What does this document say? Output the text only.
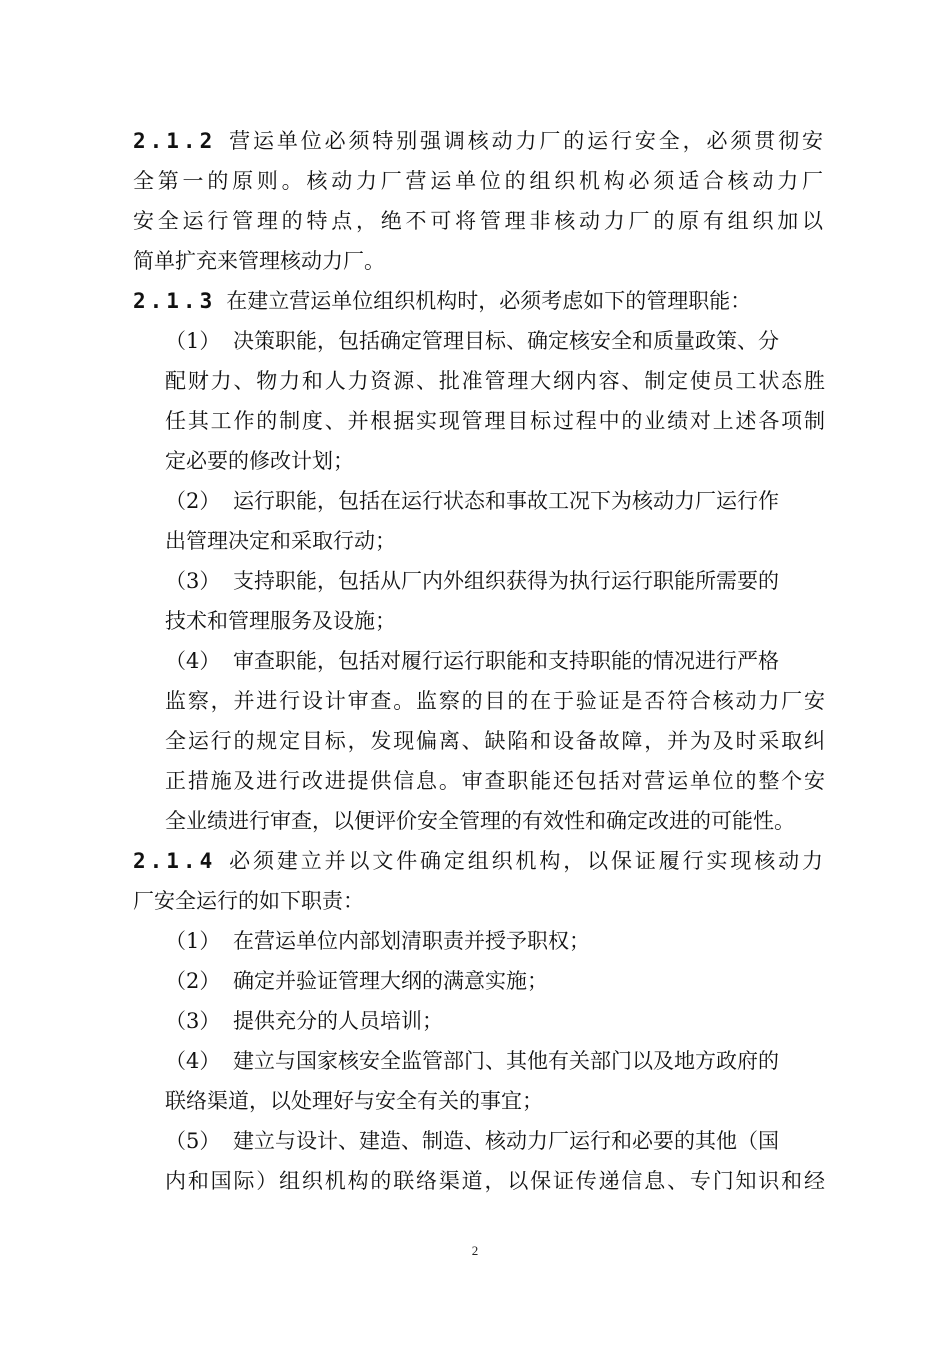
2.1.2 营运单位必须特别强调核动力厂的运行安全，必须贯彻安
全第一的原则。核动力厂营运单位的组织机构必须适合核动力厂
安全运行管理的特点，绝不可将管理非核动力厂的原有组织加以
简单扩充来管理核动力厂。
2.1.3 在建立营运单位组织机构时，必须考虑如下的管理职能：
（1） 决策职能，包括确定管理目标、确定核安全和质量政策、分
配财力、物力和人力资源、批准管理大纲内容、制定使员工状态胜
任其工作的制度、并根据实现管理目标过程中的业绩对上述各项制
定必要的修改计划；
（2） 运行职能，包括在运行状态和事故工况下为核动力厂运行作
出管理决定和采取行动；
（3） 支持职能，包括从厂内外组织获得为执行运行职能所需要的
技术和管理服务及设施；
（4） 审查职能，包括对履行运行职能和支持职能的情况进行严格
监察，并进行设计审查。监察的目的在于验证是否符合核动力厂安
全运行的规定目标，发现偏离、缺陷和设备故障，并为及时采取纠
正措施及进行改进提供信息。审查职能还包括对营运单位的整个安
全业绩进行审查，以便评价安全管理的有效性和确定改进的可能性。
2.1.4 必须建立并以文件确定组织机构，以保证履行实现核动力
厂安全运行的如下职责：
（1） 在营运单位内部划清职责并授予职权；
（2） 确定并验证管理大纲的满意实施；
（3） 提供充分的人员培训；
（4） 建立与国家核安全监管部门、其他有关部门以及地方政府的
联络渠道，以处理好与安全有关的事宜；
（5） 建立与设计、建造、制造、核动力厂运行和必要的其他（国
内和国际）组织机构的联络渠道，以保证传递信息、专门知识和经
2
